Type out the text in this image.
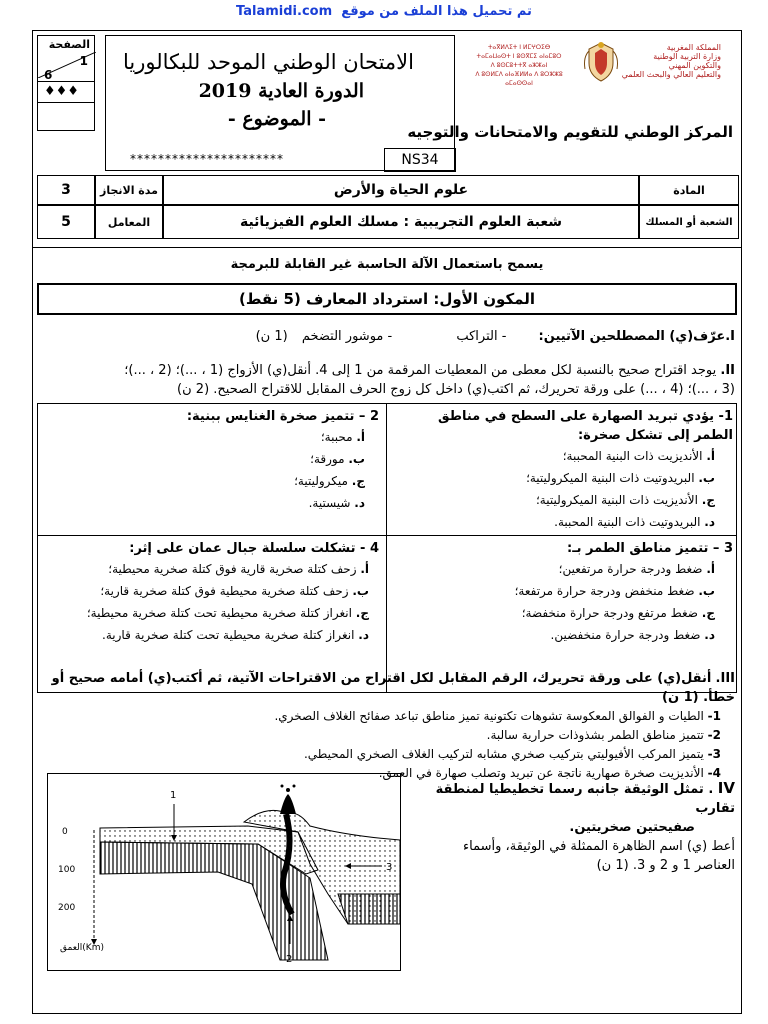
Talamidi.com تم تحميل هذا الملف من موقع
الصفحة
1
6
♦♦♦
الامتحان الوطني الموحد للبكالوريا
الدورة العادية 2019
- الموضوع -
**********************	NS34
ⵜⴰⴳⵍⴷⵉⵜ ⵏ ⵍⵎⵖⵔⵉⴱ
ⵜⴰⵎⴰⵡⴰⵙⵜ ⵏ ⵓⵙⴳⵎⵉ ⴰⵏⴰⵎⵓⵔ
ⴷ ⵓⵙⵎⵓⵜⵜⴳ ⴰⵣⵣⴰⵏ
ⴷ ⵓⵙⵍⵎⴷ ⴰⵏⴰⴼⵍⵍⴰ ⴷ ⵓⵔⵣⵣⵓ ⴰⵎⴰⵙⵙⴰⵏ
المملكة المغربية
وزارة التربية الوطنية
والتكوين المهني
والتعليم العالي والبحث العلمي
المركز الوطني للتقويم والامتحانات والتوجيه
3	مدة الانجاز	علوم الحياة والأرض	المادة
5	المعامل	شعبة العلوم التجريبية : مسلك العلوم الفيزيائية	الشعبة أو المسلك
يسمح باستعمال الآلة الحاسبة غير القابلة للبرمجة
المكون الأول: استرداد المعارف (5 نقط)
I.عرّف(ي) المصطلحين الآتيين: - التراكب - موشور التضخم (1 ن)
II. يوجد اقتراح صحيح بالنسبة لكل معطى من المعطيات المرقمة من 1 إلى 4. أنقل(ي) الأزواج (1 ، ...)؛ (2 ، ...)؛
(3 ، ...)؛ (4 ، ...) على ورقة تحريرك، ثم اكتب(ي) داخل كل زوج الحرف المقابل للاقتراح الصحيح. (2 ن)
1- يؤدي تبريد الصهارة على السطح في مناطق الطمر إلى تشكل صخرة:
أ. الأنديزيت ذات البنية المحببة؛
ب. البريدوتيت ذات البنية الميكروليتية؛
ج. الأنديزيت ذات البنية الميكروليتية؛
د. البريدوتيت ذات البنية المحببة.
2 – تتميز صخرة الغنايس ببنية:
أ. محببة؛
ب. مورقة؛
ج. ميكروليتية؛
د. شيستية.
3 – تتميز مناطق الطمر بـ:
أ. ضغط ودرجة حرارة مرتفعين؛
ب. ضغط منخفض ودرجة حرارة مرتفعة؛
ج. ضغط مرتفع ودرجة حرارة منخفضة؛
د. ضغط ودرجة حرارة منخفضين.
4 - تشكلت سلسلة جبال عمان على إثر:
أ. زحف كتلة صخرية قارية فوق كتلة صخرية محيطية؛
ب. زحف كتلة صخرية محيطية فوق كتلة صخرية قارية؛
ج. انغراز كتلة صخرية محيطية تحت كتلة صخرية محيطية؛
د. انغراز كتلة صخرية محيطية تحت كتلة صخرية قارية.
III. أنقل(ي) على ورقة تحريرك، الرقم المقابل لكل اقتراح من الاقتراحات الآتية، ثم أكتب(ي) أمامه صحيح أو خطأ. (1 ن)
1- الطيات و الفوالق المعكوسة تشوهات تكتونية تميز مناطق تباعد صفائح الغلاف الصخري.
2- تتميز مناطق الطمر بشذوذات حرارية سالبة.
3- يتميز المركب الأفيوليتي بتركيب صخري مشابه لتركيب الغلاف الصخري المحيطي.
4- الأنديزيت صخرة صهارية ناتجة عن تبريد وتصلب صهارة في العمق.
IV . تمثل الوثيقة جانبه رسما تخطيطيا لمنطقة تقارب
صفيحتين صخريتين.
أعط (ي) اسم الظاهرة الممثلة في الوثيقة، وأسماء
العناصر 1 و 2 و 3. (1 ن)
0
100
200
العمق(Km)
1
2
3
